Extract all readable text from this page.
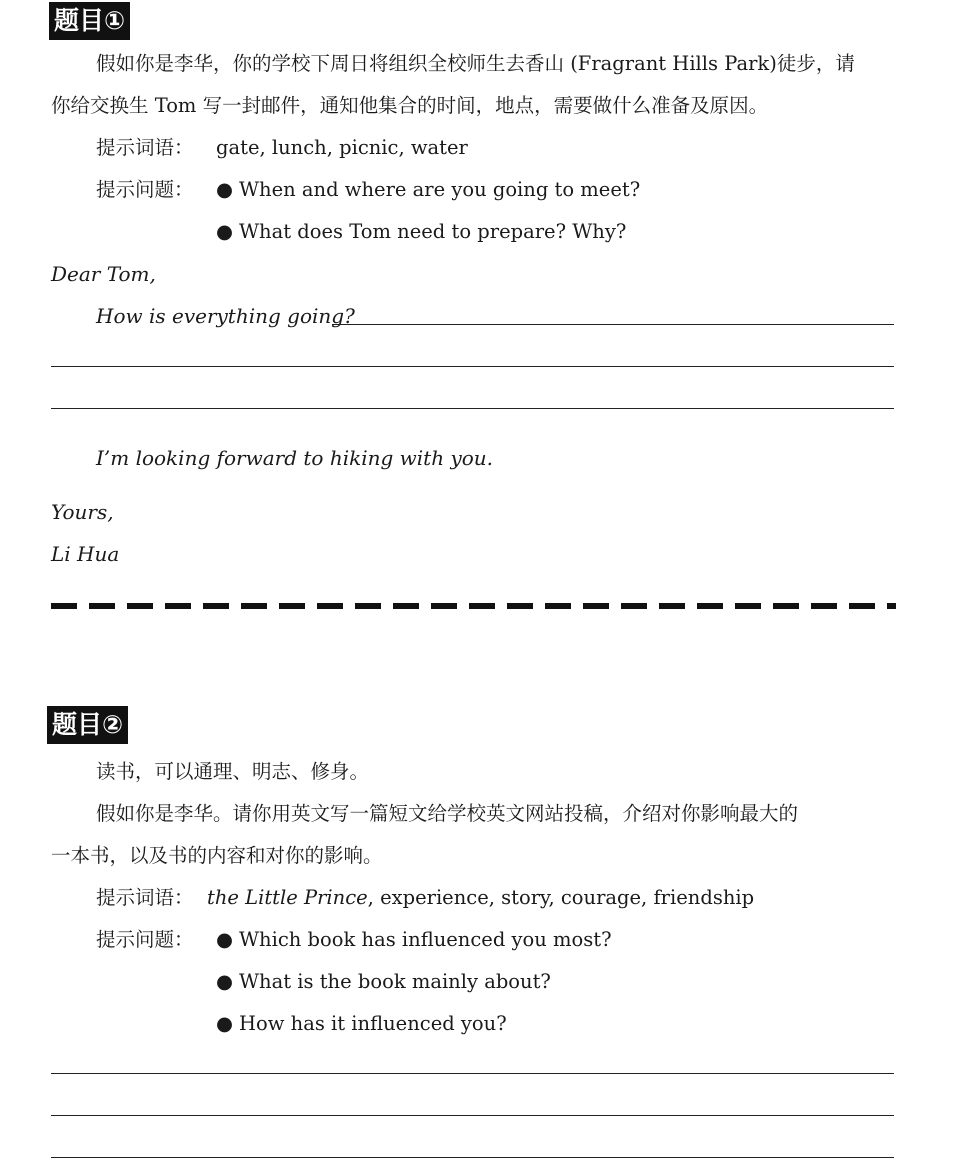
题目①
假如你是李华，你的学校下周日将组织全校师生去香山 (Fragrant Hills Park)徒步，请
你给交换生 Tom 写一封邮件，通知他集合的时间，地点，需要做什么准备及原因。
提示词语： gate, lunch, picnic, water
提示问题： ● When and where are you going to meet?
● What does Tom need to prepare? Why?
Dear Tom,
How is everything going?
I’m looking forward to hiking with you.
Yours,
Li Hua
题目②
读书，可以通理、明志、修身。
假如你是李华。请你用英文写一篇短文给学校英文网站投稿，介绍对你影响最大的
一本书，以及书的内容和对你的影响。
提示词语： the Little Prince, experience, story, courage, friendship
提示问题： ● Which book has influenced you most?
● What is the book mainly about?
● How has it influenced you?
